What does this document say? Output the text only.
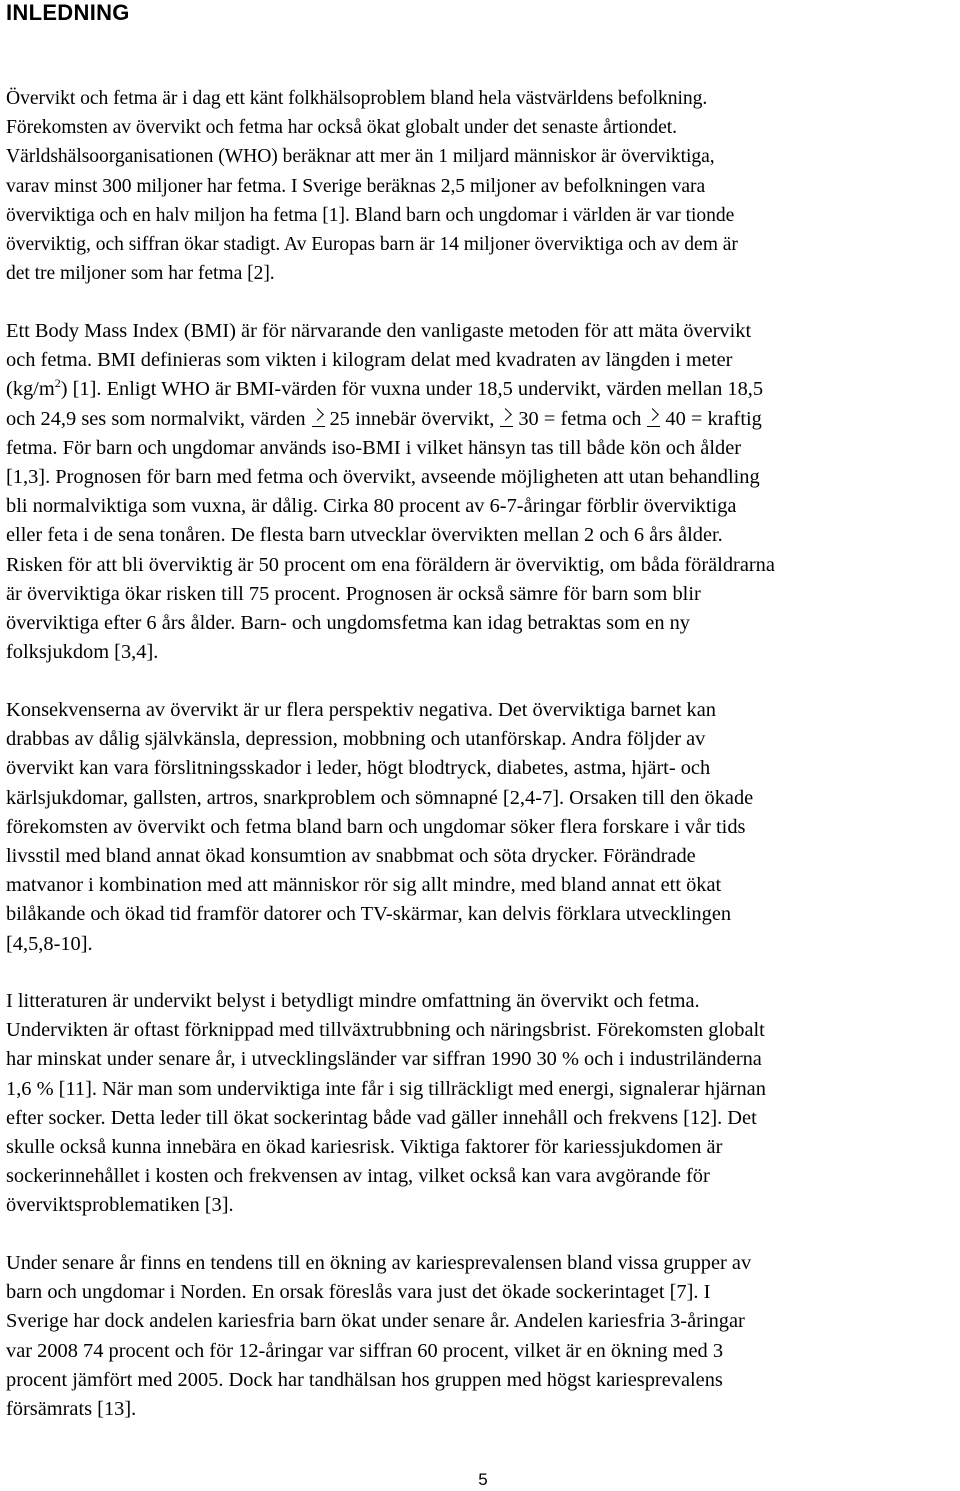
INLEDNING

Övervikt och fetma är i dag ett känt folkhälsoproblem bland hela västvärldens befolkning.
Förekomsten av övervikt och fetma har också ökat globalt under det senaste årtiondet.
Världshälsoorganisationen (WHO) beräknar att mer än 1 miljard människor är överviktiga,
varav minst 300 miljoner har fetma. I Sverige beräknas 2,5 miljoner av befolkningen vara
överviktiga och en halv miljon ha fetma [1]. Bland barn och ungdomar i världen är var tionde
överviktig, och siffran ökar stadigt. Av Europas barn är 14 miljoner överviktiga och av dem är
det tre miljoner som har fetma [2].

Ett Body Mass Index (BMI) är för närvarande den vanligaste metoden för att mäta övervikt
och fetma. BMI definieras som vikten i kilogram delat med kvadraten av längden i meter
$(kg/m^2)$ [1]. Enligt WHO är BMI-värden för vuxna under 18,5 undervikt, värden mellan 18,5
och 24,9 ses som normalvikt, värden 25 innebär övervikt, 30 = fetma och 40 = kraftig
fetma. För barn och ungdomar används iso-BMI i vilket hänsyn tas till både kön och ålder
[1,3]. Prognosen för barn med fetma och övervikt, avseende möjligheten att utan behandling
bli normalviktiga som vuxna, är dålig. Cirka 80 procent av 6-7-åringar förblir överviktiga
eller feta i de sena tonåren. De flesta barn utvecklar övervikten mellan 2 och 6 års ålder.
Risken för att bli överviktig är 50 procent om ena föräldern är överviktig, om båda föräldrarna
är överviktiga ökar risken till 75 procent. Prognosen är också sämre för barn som blir
överviktiga efter 6 års ålder. Barn- och ungdomsfetma kan idag betraktas som en ny
folksjukdom [3,4].

Konsekvenserna av övervikt är ur flera perspektiv negativa. Det överviktiga barnet kan
drabbas av dålig självkänsla, depression, mobbning och utanförskap. Andra följder av
övervikt kan vara förslitningsskador i leder, högt blodtryck, diabetes, astma, hjärt- och
kärlsjukdomar, gallsten, artros, snarkproblem och sömnapné [2,4-7]. Orsaken till den ökade
förekomsten av övervikt och fetma bland barn och ungdomar söker flera forskare i vår tids
livsstil med bland annat ökad konsumtion av snabbmat och söta drycker. Förändrade
matvanor i kombination med att människor rör sig allt mindre, med bland annat ett ökat
bilåkande och ökad tid framför datorer och TV-skärmar, kan delvis förklara utvecklingen
[4,5,8-10].

I litteraturen är undervikt belyst i betydligt mindre omfattning än övervikt och fetma.
Undervikten är oftast förknippad med tillväxtrubbning och näringsbrist. Förekomsten globalt
har minskat under senare år, i utvecklingsländer var siffran 1990 30 % och i industriländerna
1,6 % [11]. När man som underviktiga inte får i sig tillräckligt med energi, signalerar hjärnan
efter socker. Detta leder till ökat sockerintag både vad gäller innehåll och frekvens [12]. Det
skulle också kunna innebära en ökad kariesrisk. Viktiga faktorer för kariessjukdomen är
sockerinnehållet i kosten och frekvensen av intag, vilket också kan vara avgörande för
överviktsproblematiken [3].

Under senare år finns en tendens till en ökning av kariesprevalensen bland vissa grupper av
barn och ungdomar i Norden. En orsak föreslås vara just det ökade sockerintaget [7]. I
Sverige har dock andelen kariesfria barn ökat under senare år. Andelen kariesfria 3-åringar
var 2008 74 procent och för 12-åringar var siffran 60 procent, vilket är en ökning med 3
procent jämfört med 2005. Dock har tandhälsan hos gruppen med högst kariesprevalens
försämrats [13].

5
